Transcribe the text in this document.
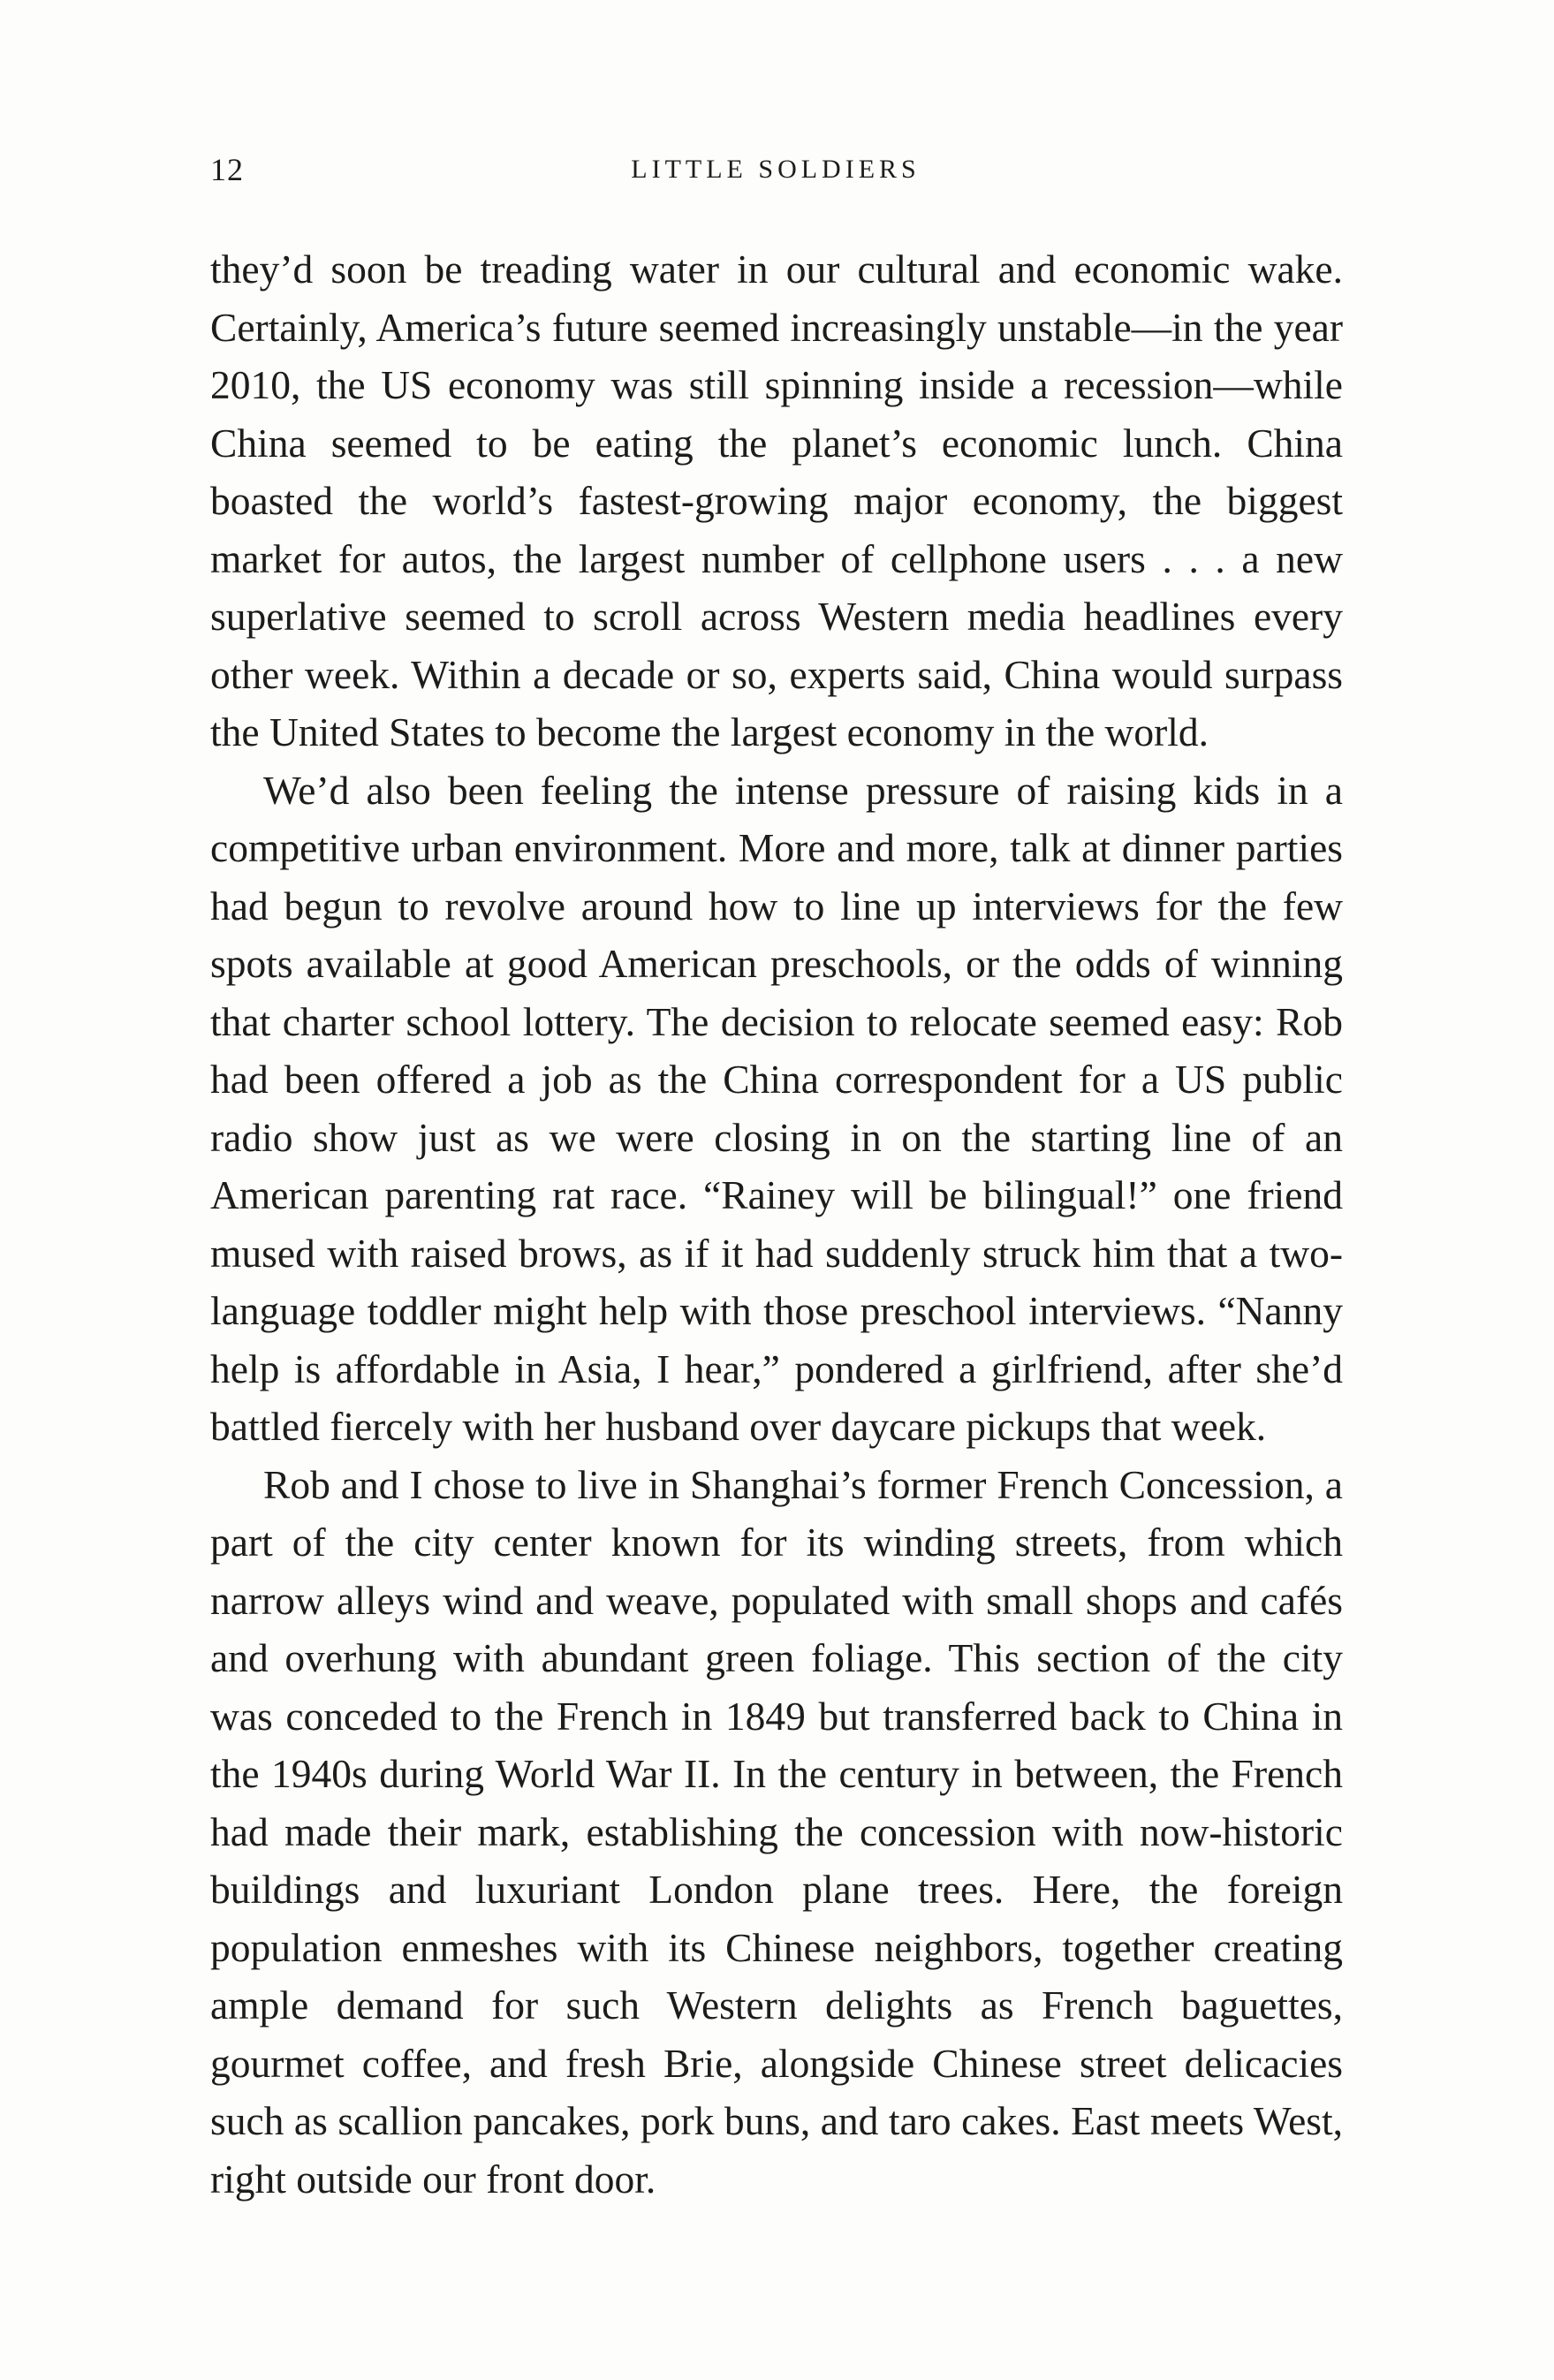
12	LITTLE SOLDIERS

they’d soon be treading water in our cultural and economic wake. Certainly, America’s future seemed increasingly unstable—in the year 2010, the US economy was still spinning inside a recession—while China seemed to be eating the planet’s economic lunch. China boasted the world’s fastest-growing major economy, the biggest market for autos, the largest number of cellphone users . . . a new superlative seemed to scroll across Western media headlines every other week. Within a decade or so, experts said, China would surpass the United States to become the largest economy in the world.

We’d also been feeling the intense pressure of raising kids in a competitive urban environment. More and more, talk at dinner parties had begun to revolve around how to line up interviews for the few spots available at good American preschools, or the odds of winning that charter school lottery. The decision to relocate seemed easy: Rob had been offered a job as the China correspondent for a US public radio show just as we were closing in on the starting line of an American parenting rat race. “Rainey will be bilingual!” one friend mused with raised brows, as if it had suddenly struck him that a two-language toddler might help with those preschool interviews. “Nanny help is affordable in Asia, I hear,” pondered a girlfriend, after she’d battled fiercely with her husband over daycare pickups that week.

Rob and I chose to live in Shanghai’s former French Concession, a part of the city center known for its winding streets, from which narrow alleys wind and weave, populated with small shops and cafés and overhung with abundant green foliage. This section of the city was conceded to the French in 1849 but transferred back to China in the 1940s during World War II. In the century in between, the French had made their mark, establishing the concession with now-historic buildings and luxuriant London plane trees. Here, the foreign population enmeshes with its Chinese neighbors, together creating ample demand for such Western delights as French baguettes, gourmet coffee, and fresh Brie, alongside Chinese street delicacies such as scallion pancakes, pork buns, and taro cakes. East meets West, right outside our front door.
